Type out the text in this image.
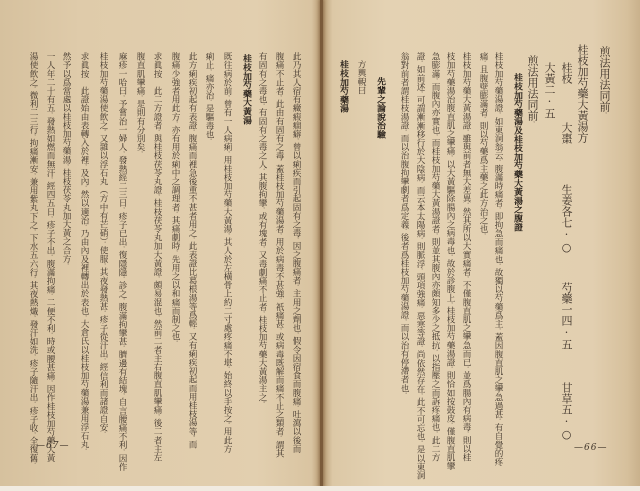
煎法用法同前。
桂枝加芍藥大黃湯方
桂枝
大棗
生姜各七·○
芍藥一四·五
甘草五·○
大黃二·五
煎法用法同前。
桂枝加芍藥湯及桂枝加芍藥大黃湯之腹證
桂枝加芍藥湯證。如東洞翁云。腹滿時痛者。即拘急而痛也。故獨以芍藥爲主。蓋因腹直肌之攣急過甚。有自覺的疼
痛。且腹壁膨滿者。則以芍藥爲主藥之此方治之也。
桂枝加芍藥大黃湯證。雖與前者無大差異。然其所以大實痛者。不僅腹直肌之攣急而已。並爲腸內有病毒。則以桂
枝加芍藥湯治腹直肌之攣痛。以大黃驅除腸內之病毒也。故於診腹上。桂枝加芍藥湯證。則恰如按鼓皮。僅腹直肌攣
急膨滿。而腹內亦實也。而桂枝加芍藥大黃湯證者。則並其腹內亦頗知多少之抵抗。以指壓之而訴疼痛也。此二方
證。如前述。可謂漸漸移行於大陰病。而云本太陽病。則脈浮。頭項強痛。惡寒等證。尚依然存在。此不可忘也。是以東洞
翁對前者謂桂枝湯證。而以治腹拘攣劇者爲定義。後者爲桂枝加芍藥湯證。而以治有停滯者也。
先輩之論說治驗
方輿輗曰
桂枝加芍藥湯
—66—
此乃其人宿有癥瘕痼癖。曾以痢疾而引起固有之毒。因之腹痛者。主用之劑也。假令因宿食而腹痛。吐瀉以後而
腹痛不止者。此由有固有之毒。蓋桂枝加芍藥湯者。用於病毒不甚強。祇痛甚。或病毒既解而痛不止之類者。謂其
有固有之毒也。有固有之毒之人。其腹拘攣。或有塊者。又毒劇痛不止者。桂枝加芍藥大黃湯主之。
桂枝加芍藥大黃湯
既往病於前。曾有一人病痢。用桂枝加芍藥大黃湯。其人於左橫骨上約二寸處疼痛不堪。始終以手按之。用此方
痢止。痛亦治。是驅毒也。
此方痢疾初起有表證。腹痛而裡急後重不甚者用之。此表證比葛根湯等爲輕。又有痢疾初起而用桂枝湯等。而
腹痛少強者用此方。亦有用於痢中之調理者。其痛劇時。先用之以和痛而制之也。
求眞按　此二方證者。與桂枝茯苓丸證。桂枝茯苓丸加大黃證。頗易混也。然前二者主右腹直肌攣痛。後二者主左
腹直肌攣痛。是則有分別矣。
麻疹一哈曰。予嘗治一婦人。發熱經二三日。疹子已出。復隱隱。診之。腹滿拘攣甚。臍邊有結塊。自言腰痛不利。因作
桂枝加芍藥湯使飲之。又雜以浮石丸（方中有芒硝）。使服。其夜發熱甚。疹子從汗出。經信利而諸證自安。
求眞按　此證始由表轉入於裡。及內。然以適治。乃由內及裡轉出於表也。大倉氏以桂枝加芍藥湯兼用浮石丸。
然予以爲當處以桂枝加芍藥湯。桂枝茯苓丸加大黃之合方。
一人年二十有五。發熱如燃而無汗。經四五日。疹子不出。腹滿拘痛。二便不利。時或腰甚痛。因作桂枝加芍藥大黃
湯使飲之。微利二三行。拘痛漸安。兼用紫丸下之。下水五六行。其夜熱熾。發汗如洗。疹子隨汗出。疹子收。全復舊。
—67—
